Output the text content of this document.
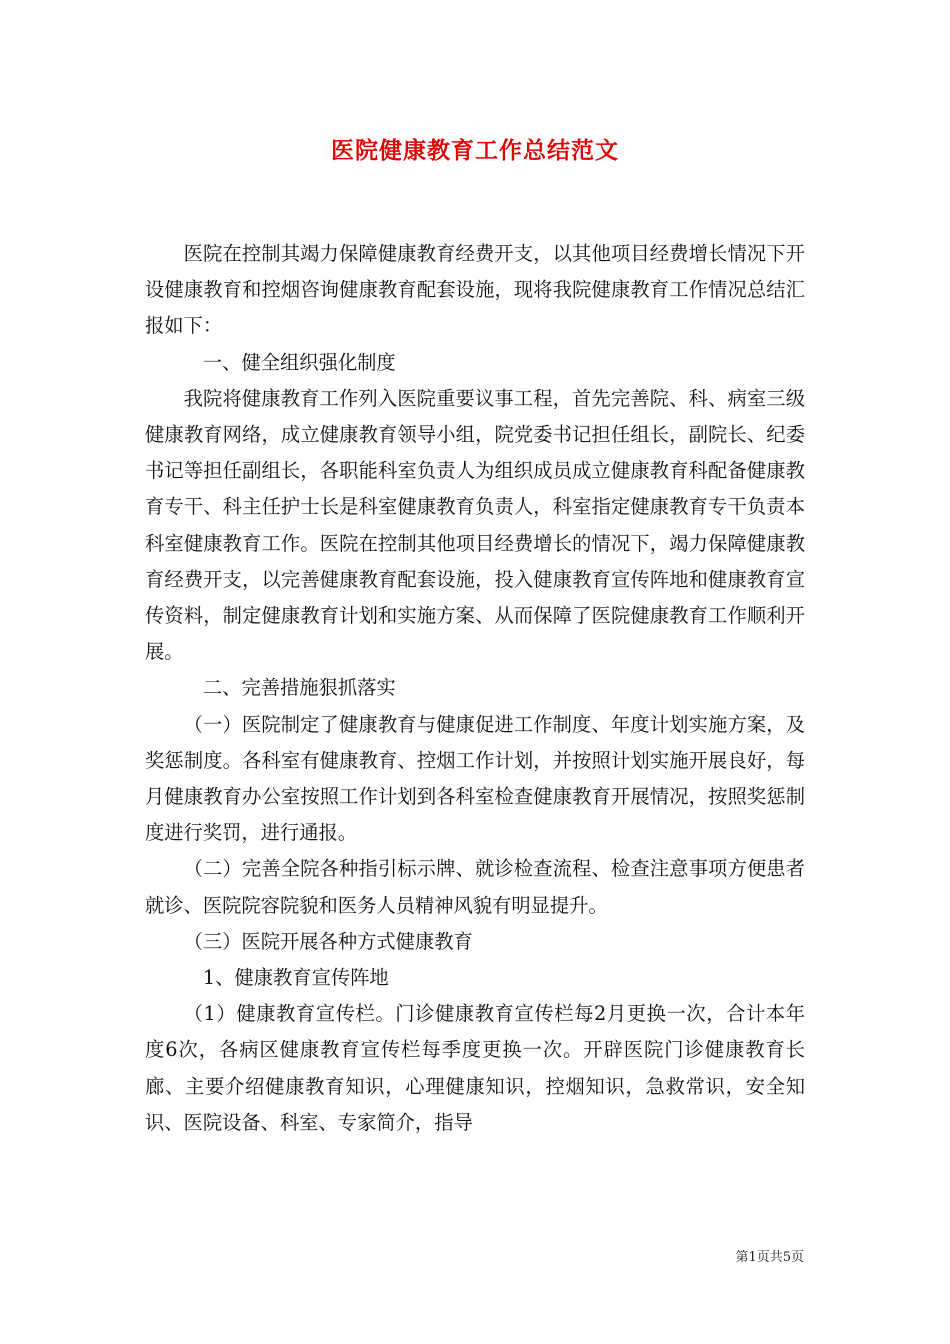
医院健康教育工作总结范文

医院在控制其竭力保障健康教育经费开支，以其他项目经费增长情况下开设健康教育和控烟咨询健康教育配套设施，现将我院健康教育工作情况总结汇报如下：

一、健全组织强化制度

我院将健康教育工作列入医院重要议事工程，首先完善院、科、病室三级健康教育网络，成立健康教育领导小组，院党委书记担任组长，副院长、纪委书记等担任副组长，各职能科室负责人为组织成员成立健康教育科配备健康教育专干、科主任护士长是科室健康教育负责人，科室指定健康教育专干负责本科室健康教育工作。医院在控制其他项目经费增长的情况下，竭力保障健康教育经费开支，以完善健康教育配套设施，投入健康教育宣传阵地和健康教育宣传资料，制定健康教育计划和实施方案、从而保障了医院健康教育工作顺利开展。

二、完善措施狠抓落实

（一）医院制定了健康教育与健康促进工作制度、年度计划实施方案，及奖惩制度。各科室有健康教育、控烟工作计划，并按照计划实施开展良好，每月健康教育办公室按照工作计划到各科室检查健康教育开展情况，按照奖惩制度进行奖罚，进行通报。

（二）完善全院各种指引标示牌、就诊检查流程、检查注意事项方便患者就诊、医院院容院貌和医务人员精神风貌有明显提升。

（三）医院开展各种方式健康教育

1、健康教育宣传阵地

（1）健康教育宣传栏。门诊健康教育宣传栏每2月更换一次，合计本年度6次，各病区健康教育宣传栏每季度更换一次。开辟医院门诊健康教育长廊、主要介绍健康教育知识，心理健康知识，控烟知识，急救常识，安全知识、医院设备、科室、专家简介，指导

第1页共5页
